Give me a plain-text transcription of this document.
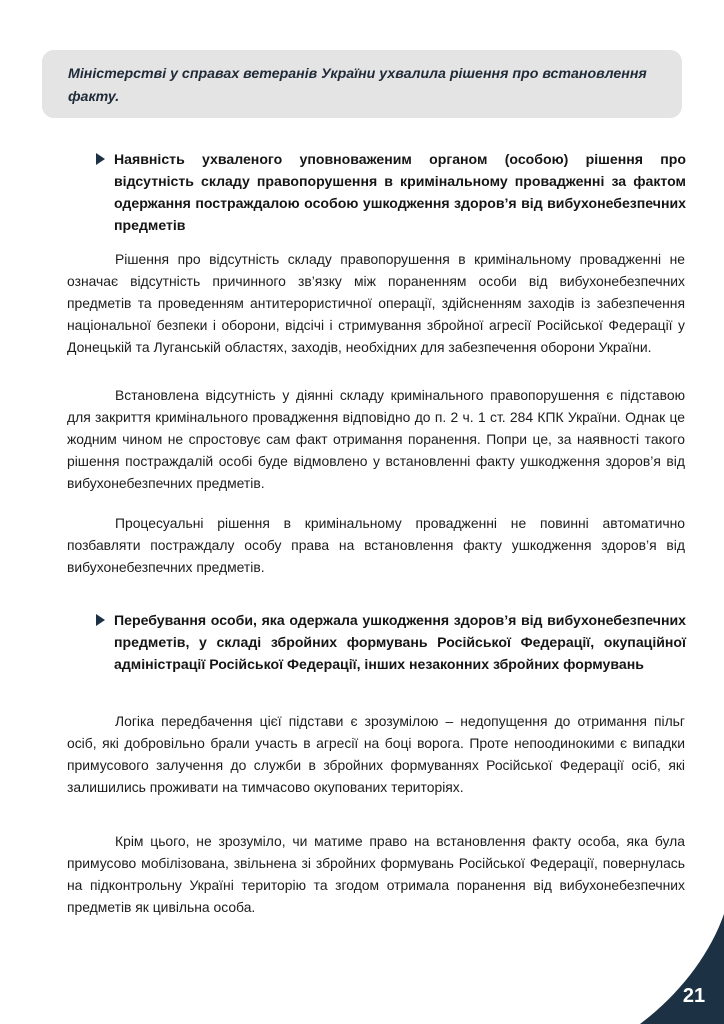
Міністерстві у справах ветеранів України ухвалила рішення про встановлення факту.

Наявність ухваленого уповноваженим органом (особою) рішення про відсутність складу правопорушення в кримінальному провадженні за фактом одержання постраждалою особою ушкодження здоров’я від вибухонебезпечних предметів

Рішення про відсутність складу правопорушення в кримінальному провадженні не означає відсутність причинного зв’язку між пораненням особи від вибухонебезпечних предметів та проведенням антитерористичної операції, здійсненням заходів із забезпечення національної безпеки і оборони, відсічі і стримування збройної агресії Російської Федерації у Донецькій та Луганській областях, заходів, необхідних для забезпечення оборони України.

Встановлена відсутність у діянні складу кримінального правопорушення є підставою для закриття кримінального провадження відповідно до п. 2 ч. 1 ст. 284 КПК України. Однак це жодним чином не спростовує сам факт отримання поранення. Попри це, за наявності такого рішення постраждалій особі буде відмовлено у встановленні факту ушкодження здоров’я від вибухонебезпечних предметів.

Процесуальні рішення в кримінальному провадженні не повинні автоматично позбавляти постраждалу особу права на встановлення факту ушкодження здоров’я від вибухонебезпечних предметів.

Перебування особи, яка одержала ушкодження здоров’я від вибухонебезпечних предметів, у складі збройних формувань Російської Федерації, окупаційної адміністрації Російської Федерації, інших незаконних збройних формувань

Логіка передбачення цієї підстави є зрозумілою – недопущення до отримання пільг осіб, які добровільно брали участь в агресії на боці ворога. Проте непоодинокими є випадки примусового залучення до служби в збройних формуваннях Російської Федерації осіб, які залишились проживати на тимчасово окупованих територіях.

Крім цього, не зрозуміло, чи матиме право на встановлення факту особа, яка була примусово мобілізована, звільнена зі збройних формувань Російської Федерації, повернулась на підконтрольну Україні територію та згодом отримала поранення від вибухонебезпечних предметів як цивільна особа.

21
